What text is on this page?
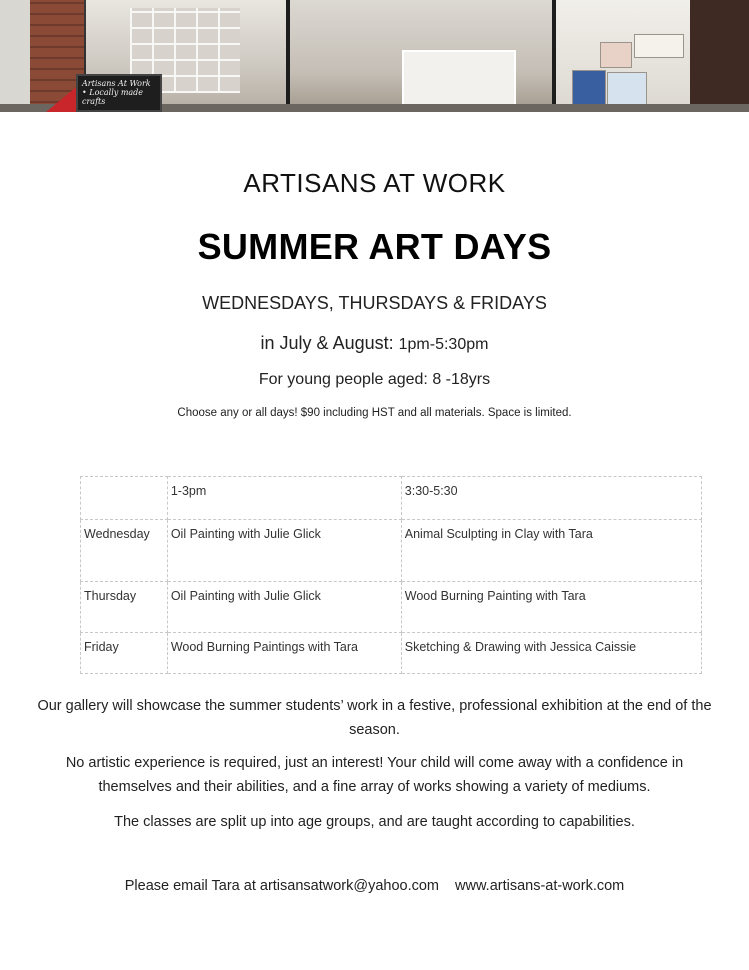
Artisans At Work • Locally made crafts
ARTISANS AT WORK
SUMMER ART DAYS
WEDNESDAYS, THURSDAYS & FRIDAYS
in July & August: 1pm-5:30pm
For young people aged: 8 -18yrs
Choose any or all days! $90 including HST and all materials. Space is limited.
	1-3pm	3:30-5:30
Wednesday	Oil Painting with Julie Glick	Animal Sculpting in Clay with Tara
Thursday	Oil Painting with Julie Glick	Wood Burning Painting with Tara
Friday	Wood Burning Paintings with Tara	Sketching & Drawing with Jessica Caissie
Our gallery will showcase the summer students’ work in a festive, professional exhibition at the end of the season.
No artistic experience is required, just an interest! Your child will come away with a confidence in themselves and their abilities, and a fine array of works showing a variety of mediums.
The classes are split up into age groups, and are taught according to capabilities.
Please email Tara at artisansatwork@yahoo.com www.artisans-at-work.com
